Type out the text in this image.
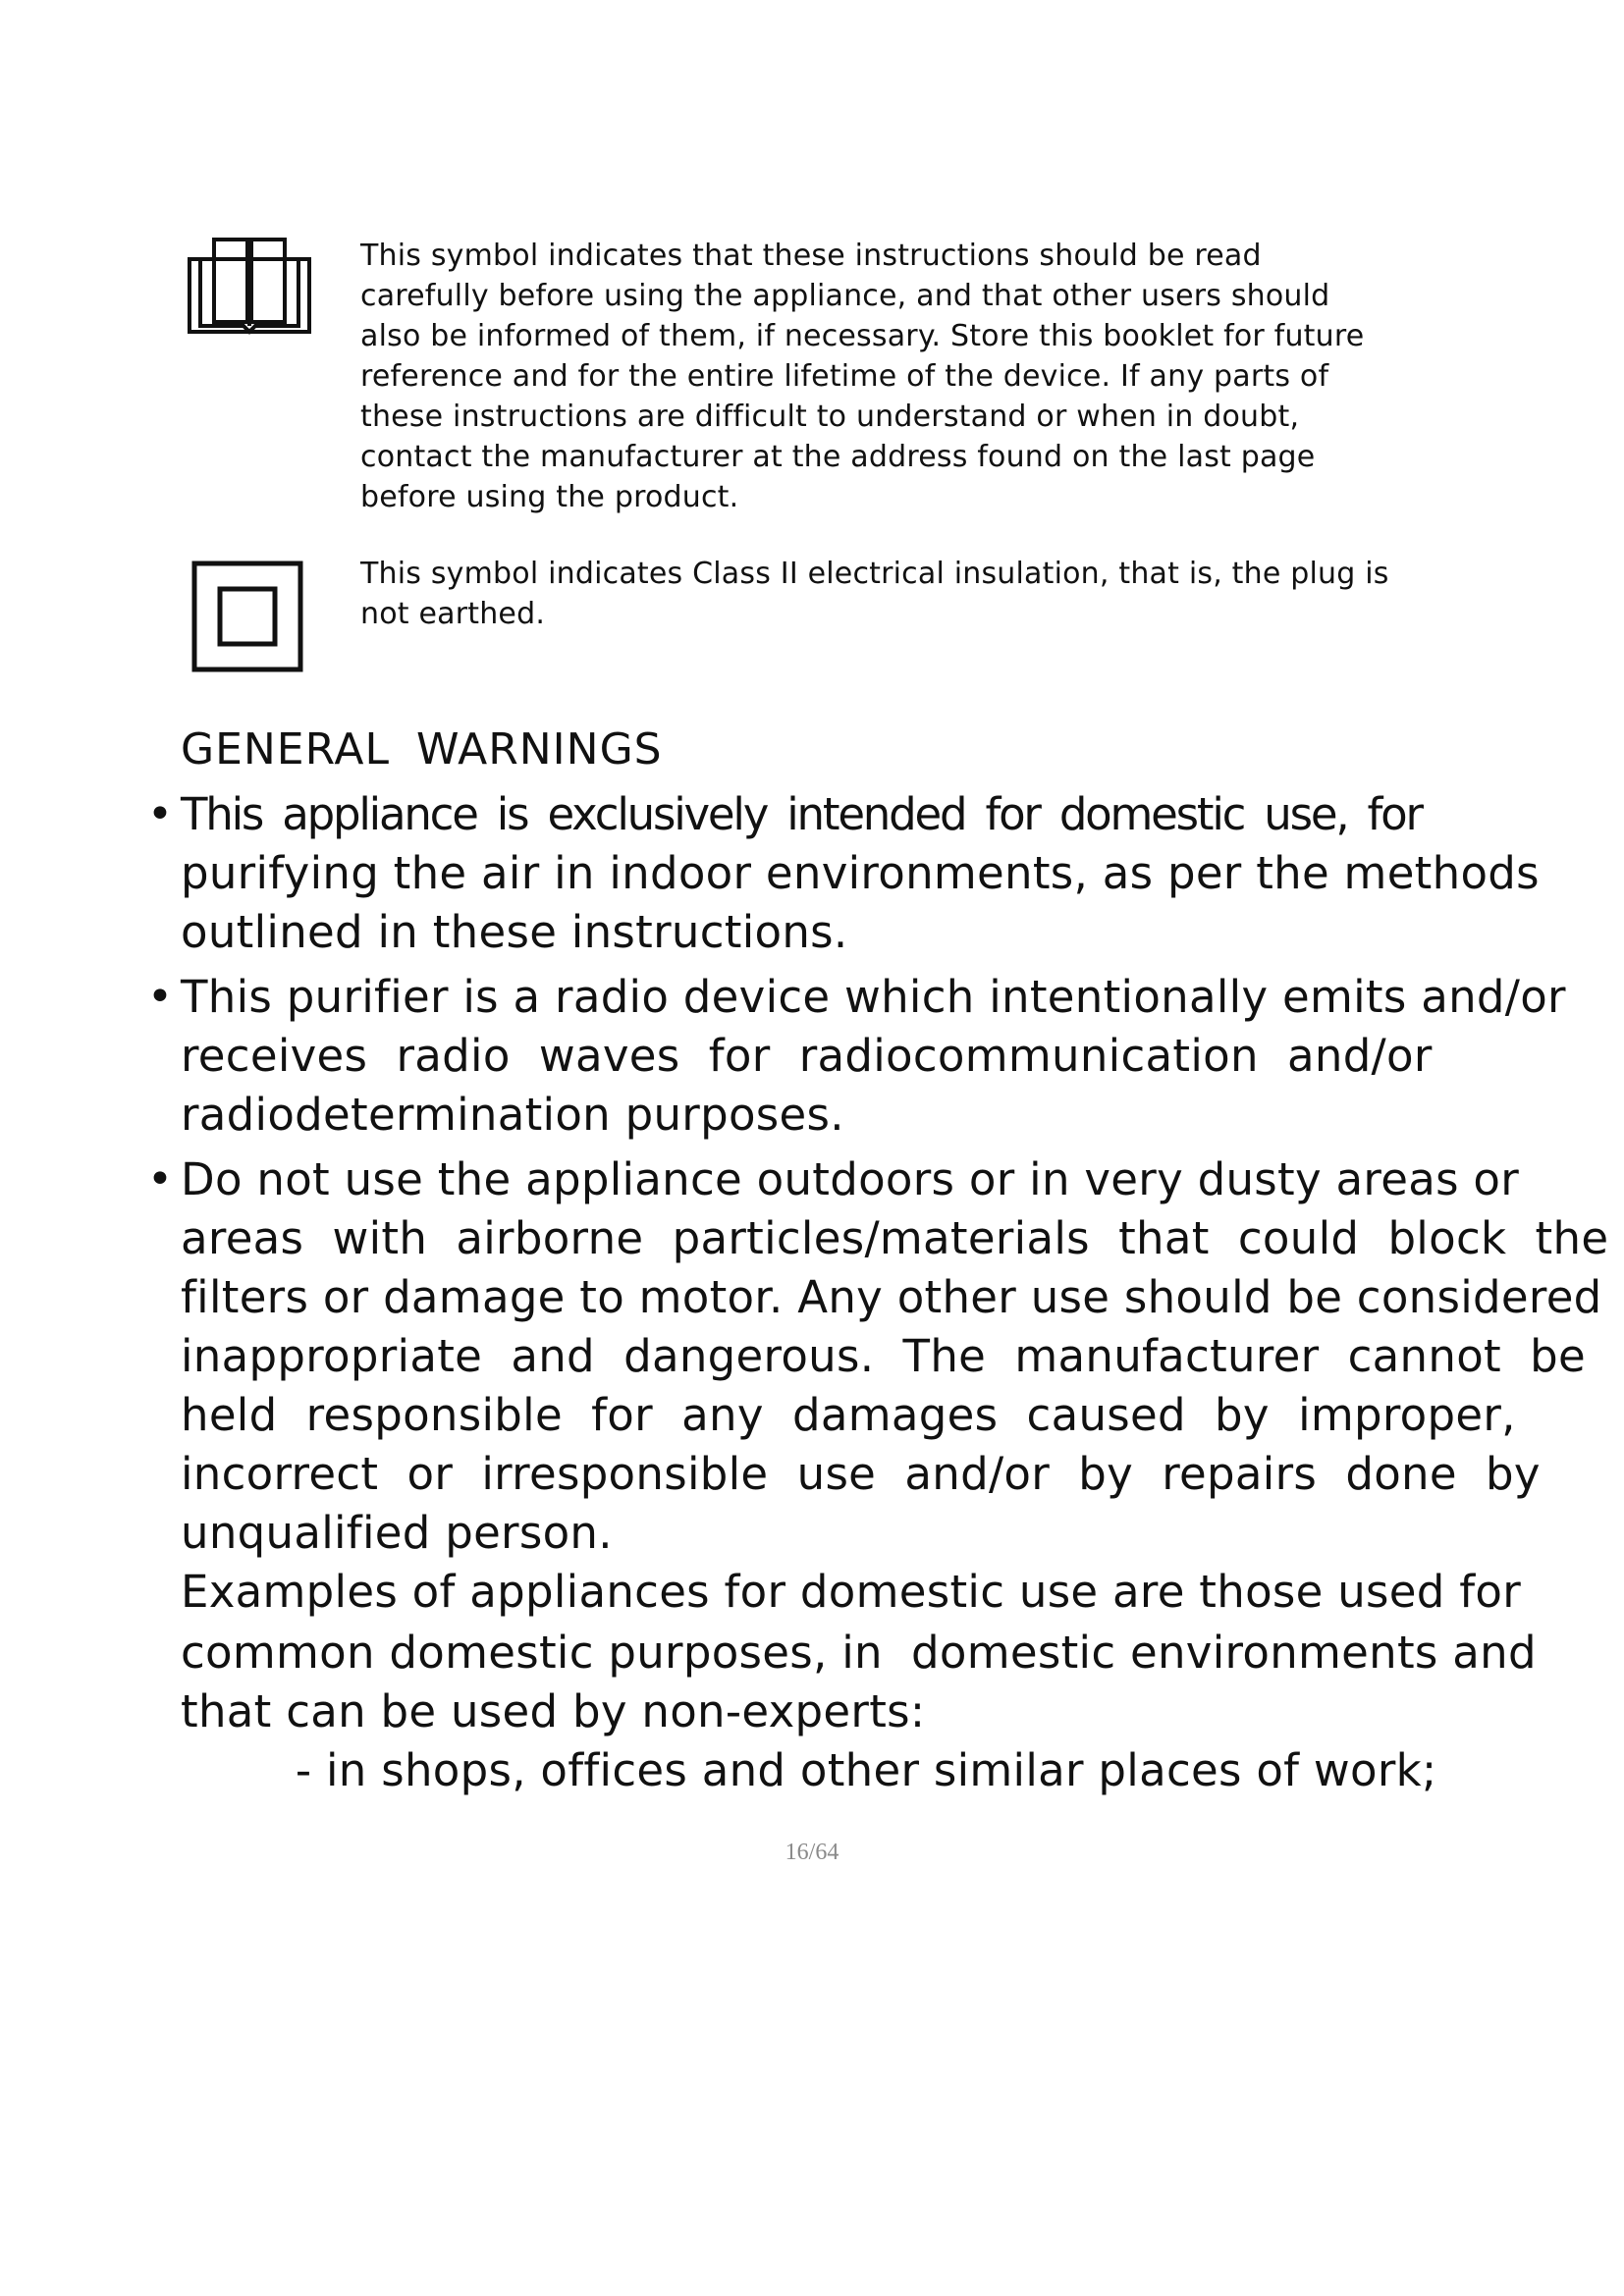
This symbol indicates that these instructions should be read
carefully before using the appliance, and that other users should
also be informed of them, if necessary. Store this booklet for future
reference and for the entire lifetime of the device. If any parts of
these instructions are difficult to understand or when in doubt,
contact the manufacturer at the address found on the last page
before using the product.
This symbol indicates Class II electrical insulation, that is, the plug is
not earthed.
GENERAL WARNINGS
• This appliance is exclusively intended for domestic use, for
purifying the air in indoor environments, as per the methods
outlined in these instructions.
• This purifier is a radio device which intentionally emits and/or
receives  radio  waves  for  radiocommunication  and/or
radiodetermination purposes.
• Do not use the appliance outdoors or in very dusty areas or
areas  with  airborne  particles/materials  that  could  block  the
filters or damage to motor. Any other use should be considered
inappropriate  and  dangerous.  The  manufacturer  cannot  be
held  responsible  for  any  damages  caused  by  improper,
incorrect  or  irresponsible  use  and/or  by  repairs  done  by
unqualified person.
Examples of appliances for domestic use are those used for
common domestic purposes, in  domestic environments and
that can be used by non-experts:
- in shops, offices and other similar places of work;
16/64
